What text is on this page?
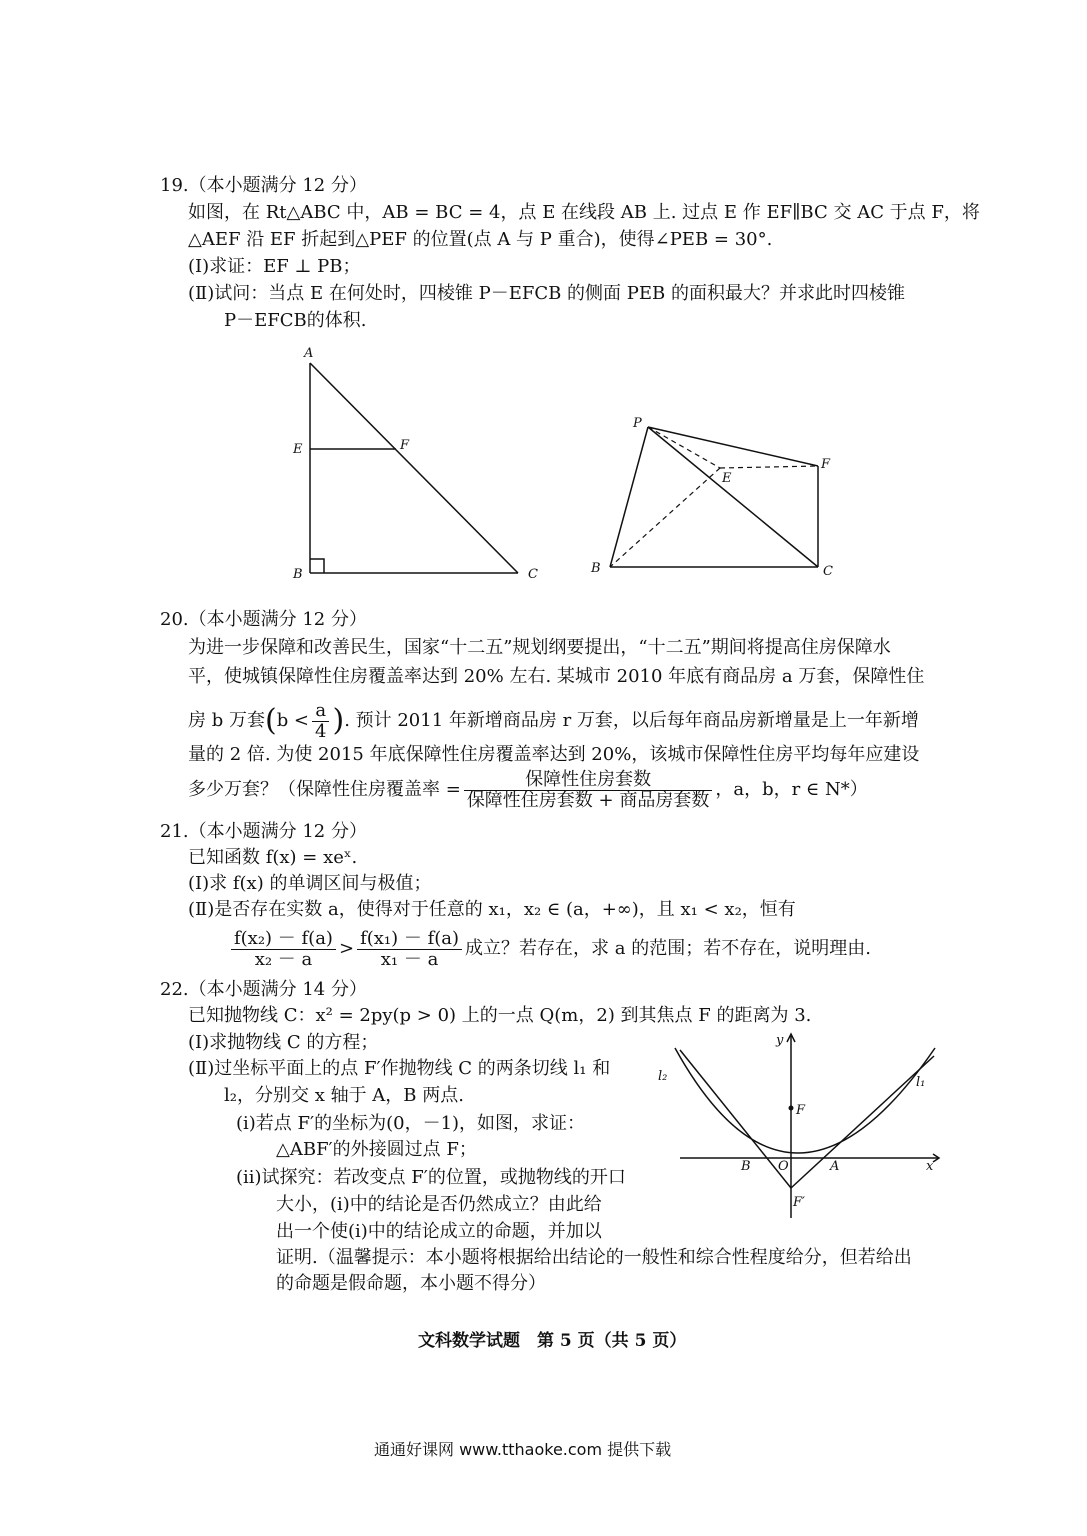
19.（本小题满分 12 分）
如图，在 Rt△ABC 中，AB = BC = 4，点 E 在线段 AB 上. 过点 E 作 EF∥BC 交 AC 于点 F，将
△AEF 沿 EF 折起到△PEF 的位置(点 A 与 P 重合)，使得∠PEB = 30°.
(Ⅰ)求证：EF ⊥ PB；
(Ⅱ)试问：当点 E 在何处时，四棱锥 P－EFCB 的侧面 PEB 的面积最大？并求此时四棱锥
P－EFCB的体积.
A
E	F
B	C
P
E
F
B	C
20.（本小题满分 12 分）
为进一步保障和改善民生，国家“十二五”规划纲要提出，“十二五”期间将提高住房保障水
平，使城镇保障性住房覆盖率达到 20% 左右. 某城市 2010 年底有商品房 a 万套，保障性住
房 b 万套($b < \frac{a}{4}$ ). 预计 2011 年新增商品房 r 万套，以后每年商品房新增量是上一年新增
量的 2 倍. 为使 2015 年底保障性住房覆盖率达到 20%，该城市保障性住房平均每年应建设
多少万套？（保障性住房覆盖率 = $\frac{\text{保障性住房套数}}{\text{保障性住房套数 + 商品房套数}}$ ，a，b，r ∈ N*）
21.（本小题满分 12 分）
已知函数 f(x) = xeˣ.
(Ⅰ)求 f(x) 的单调区间与极值；
(Ⅱ)是否存在实数 a，使得对于任意的 x₁，x₂ ∈ (a，+∞)，且 x₁ < x₂，恒有
$\frac{\text{f(x₂) － f(a)}}{\text{x₂ － a}} > \frac{\text{f(x₁) － f(a)}}{\text{x₁ － a}}$ 成立？若存在，求 a 的范围；若不存在，说明理由.
22.（本小题满分 14 分）
已知抛物线 C：x² = 2py(p > 0) 上的一点 Q(m，2) 到其焦点 F 的距离为 3.
(Ⅰ)求抛物线 C 的方程；
(Ⅱ)过坐标平面上的点 F′作抛物线 C 的两条切线 l₁ 和
l₂，分别交 x 轴于 A，B 两点.
(ⅰ)若点 F′的坐标为(0，－1)，如图，求证：
△ABF′的外接圆过点 F；
(ⅱ)试探究：若改变点 F′的位置，或抛物线的开口
大小，(ⅰ)中的结论是否仍然成立？由此给
出一个使(ⅰ)中的结论成立的命题，并加以
证明.（温馨提示：本小题将根据给出结论的一般性和综合性程度给分，但若给出
的命题是假命题，本小题不得分）
y
F
l₂	l₁
B O	A	x
F′
文科数学试题　第 5 页（共 5 页）
通通好课网 www.tthaoke.com 提供下载
